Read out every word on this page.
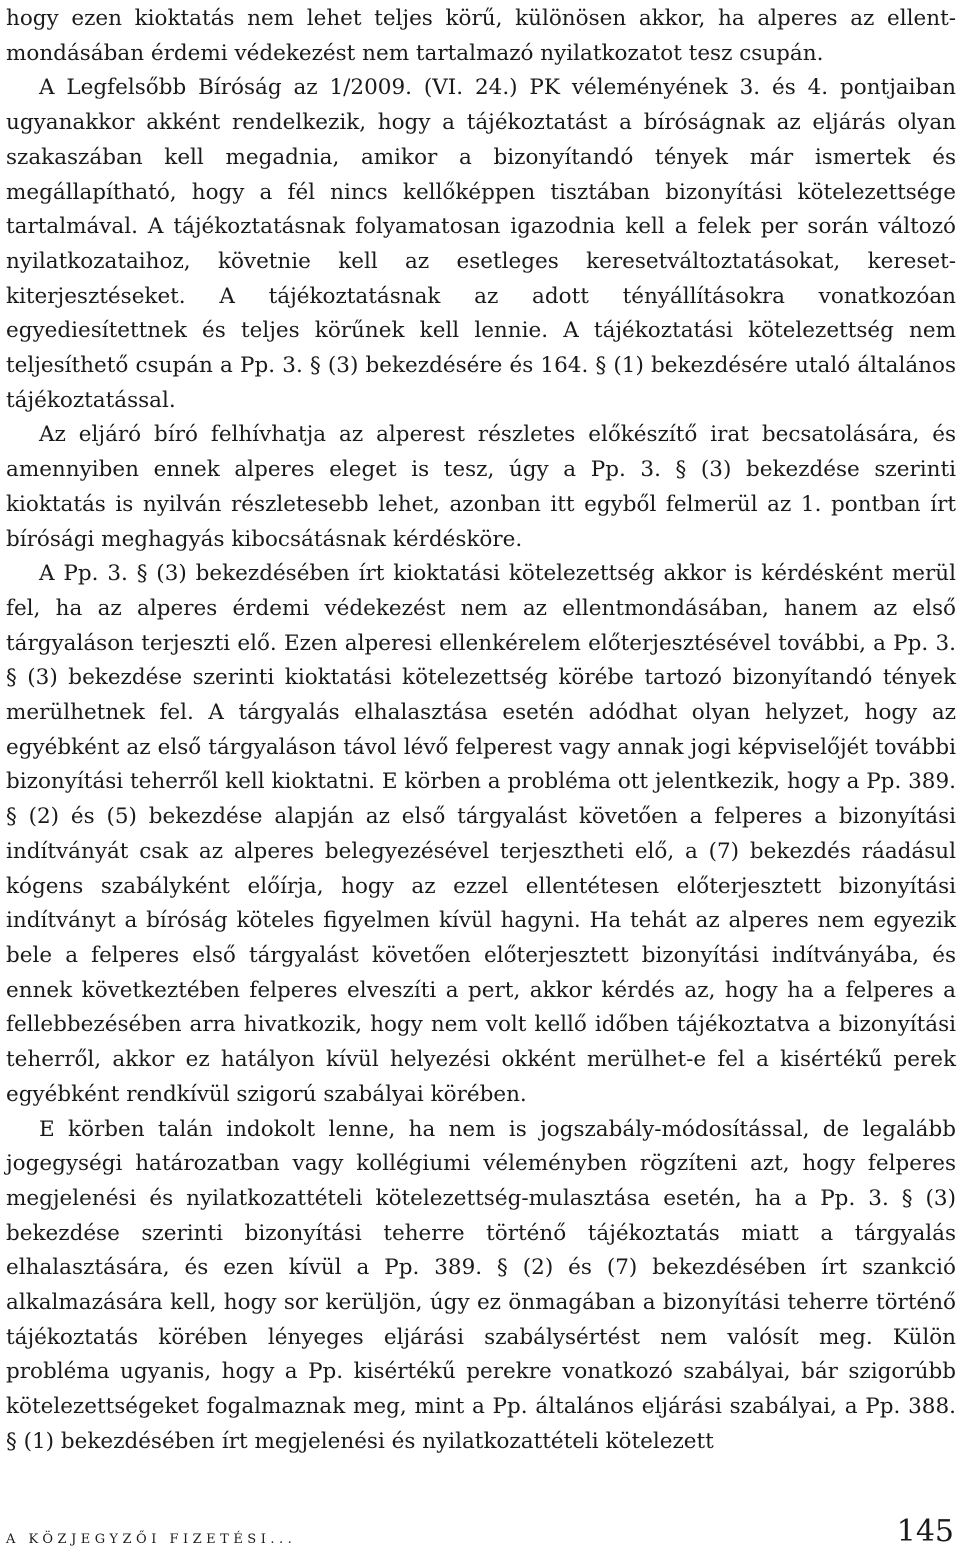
hogy ezen kioktatás nem lehet teljes körű, különösen akkor, ha alperes az ellentmondásában érdemi védekezést nem tartalmazó nyilatkozatot tesz csupán.

A Legfelsőbb Bíróság az 1/2009. (VI. 24.) PK véleményének 3. és 4. pontjaiban ugyanakkor akként rendelkezik, hogy a tájékoztatást a bíróságnak az eljárás olyan szakaszában kell megadnia, amikor a bizonyítandó tények már ismertek és megállapítható, hogy a fél nincs kellőképpen tisztában bizonyítási kötelezettsége tartalmával. A tájékoztatásnak folyamatosan igazodnia kell a felek per során változó nyilatkozataihoz, követnie kell az esetleges keresetváltoztatásokat, kereset-kiterjesztéseket. A tájékoztatásnak az adott tényállításokra vonatkozóan egyediesítettnek és teljes körűnek kell lennie. A tájékoztatási kötelezettség nem teljesíthető csupán a Pp. 3. § (3) bekezdésére és 164. § (1) bekezdésére utaló általános tájékoztatással.

Az eljáró bíró felhívhatja az alperest részletes előkészítő irat becsatolására, és amennyiben ennek alperes eleget is tesz, úgy a Pp. 3. § (3) bekezdése szerinti kioktatás is nyilván részletesebb lehet, azonban itt egyből felmerül az 1. pontban írt bírósági meghagyás kibocsátásnak kérdésköre.

A Pp. 3. § (3) bekezdésében írt kioktatási kötelezettség akkor is kérdésként merül fel, ha az alperes érdemi védekezést nem az ellentmondásában, hanem az első tárgyaláson terjeszti elő. Ezen alperesi ellenkérelem előterjesztésével további, a Pp. 3. § (3) bekezdése szerinti kioktatási kötelezettség körébe tartozó bizonyítandó tények merülhetnek fel. A tárgyalás elhalasztása esetén adódhat olyan helyzet, hogy az egyébként az első tárgyaláson távol lévő felperest vagy annak jogi képviselőjét további bizonyítási teherről kell kioktatni. E körben a probléma ott jelentkezik, hogy a Pp. 389. § (2) és (5) bekezdése alapján az első tárgyalást követően a felperes a bizonyítási indítványát csak az alperes belegyezésével terjesztheti elő, a (7) bekezdés ráadásul kógens szabályként előírja, hogy az ezzel ellentétesen előterjesztett bizonyítási indítványt a bíróság köteles figyelmen kívül hagyni. Ha tehát az alperes nem egyezik bele a felperes első tárgyalást követően előterjesztett bizonyítási indítványába, és ennek következtében felperes elveszíti a pert, akkor kérdés az, hogy ha a felperes a fellebbezésében arra hivatkozik, hogy nem volt kellő időben tájékoztatva a bizonyítási teherről, akkor ez hatályon kívül helyezési okként merülhet-e fel a kisértékű perek egyébként rendkívül szigorú szabályai körében.

E körben talán indokolt lenne, ha nem is jogszabály-módosítással, de legalább jogegységi határozatban vagy kollégiumi véleményben rögzíteni azt, hogy felperes megjelenési és nyilatkozattételi kötelezettség-mulasztása esetén, ha a Pp. 3. § (3) bekezdése szerinti bizonyítási teherre történő tájékoztatás miatt a tárgyalás elhalasztására, és ezen kívül a Pp. 389. § (2) és (7) bekezdésében írt szankció alkalmazására kell, hogy sor kerüljön, úgy ez önmagában a bizonyítási teherre történő tájékoztatás körében lényeges eljárási szabálysértést nem valósít meg. Külön probléma ugyanis, hogy a Pp. kisértékű perekre vonatkozó szabályai, bár szigorúbb kötelezettségeket fogalmaznak meg, mint a Pp. általános eljárási szabályai, a Pp. 388. § (1) bekezdésében írt megjelenési és nyilatkozattételi kötelezett

A KÖZJEGYZŐI FIZETÉSI...	145
